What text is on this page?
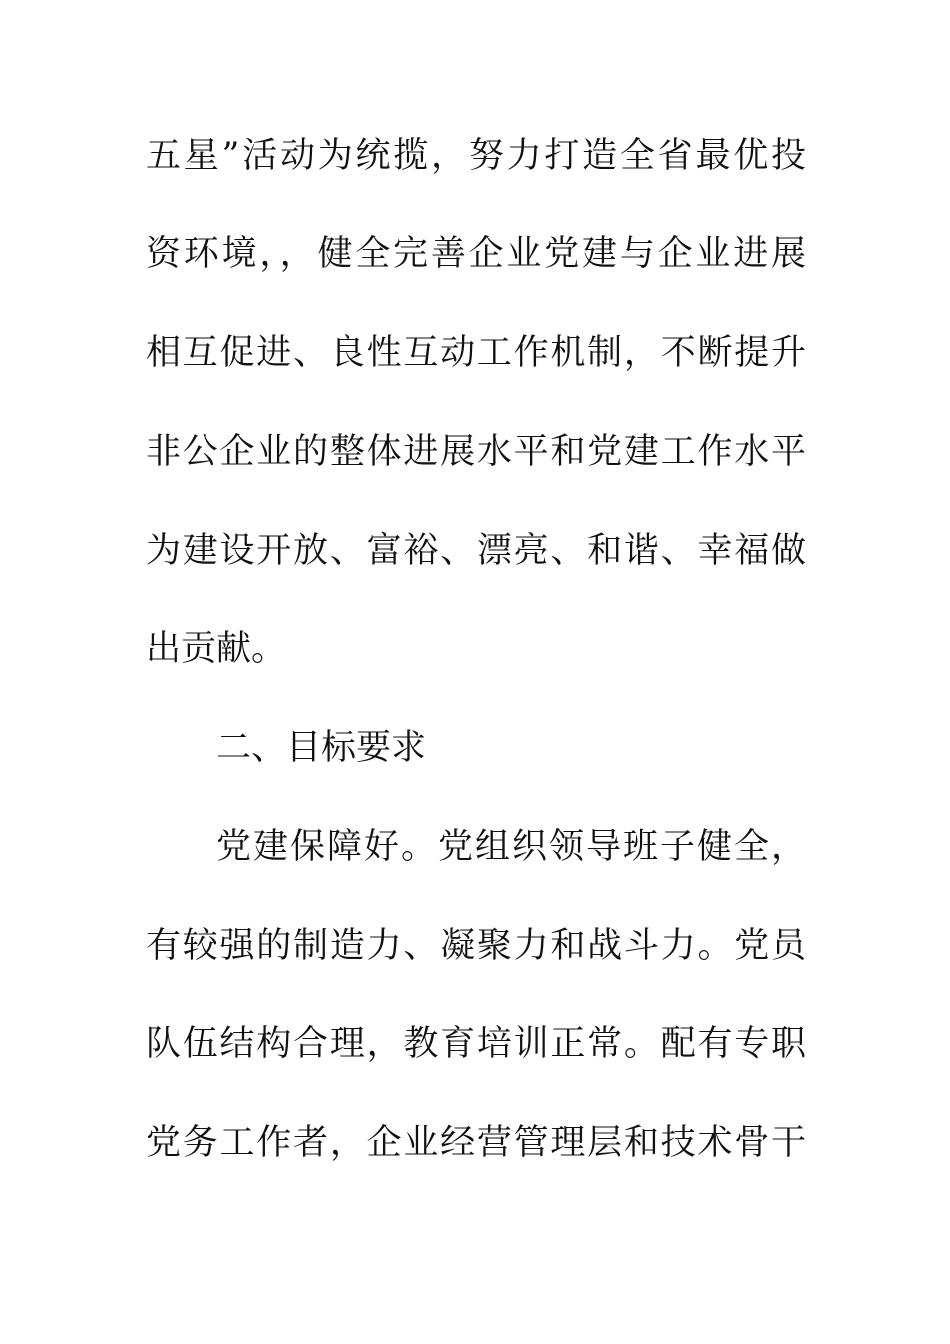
五星”活动为统揽，努力打造全省最优投
资环境，，健全完善企业党建与企业进展
相互促进、良性互动工作机制，不断提升
非公企业的整体进展水平和党建工作水平
为建设开放、富裕、漂亮、和谐、幸福做
出贡献。
二、目标要求
党建保障好。党组织领导班子健全，
有较强的制造力、凝聚力和战斗力。党员
队伍结构合理，教育培训正常。配有专职
党务工作者，企业经营管理层和技术骨干
